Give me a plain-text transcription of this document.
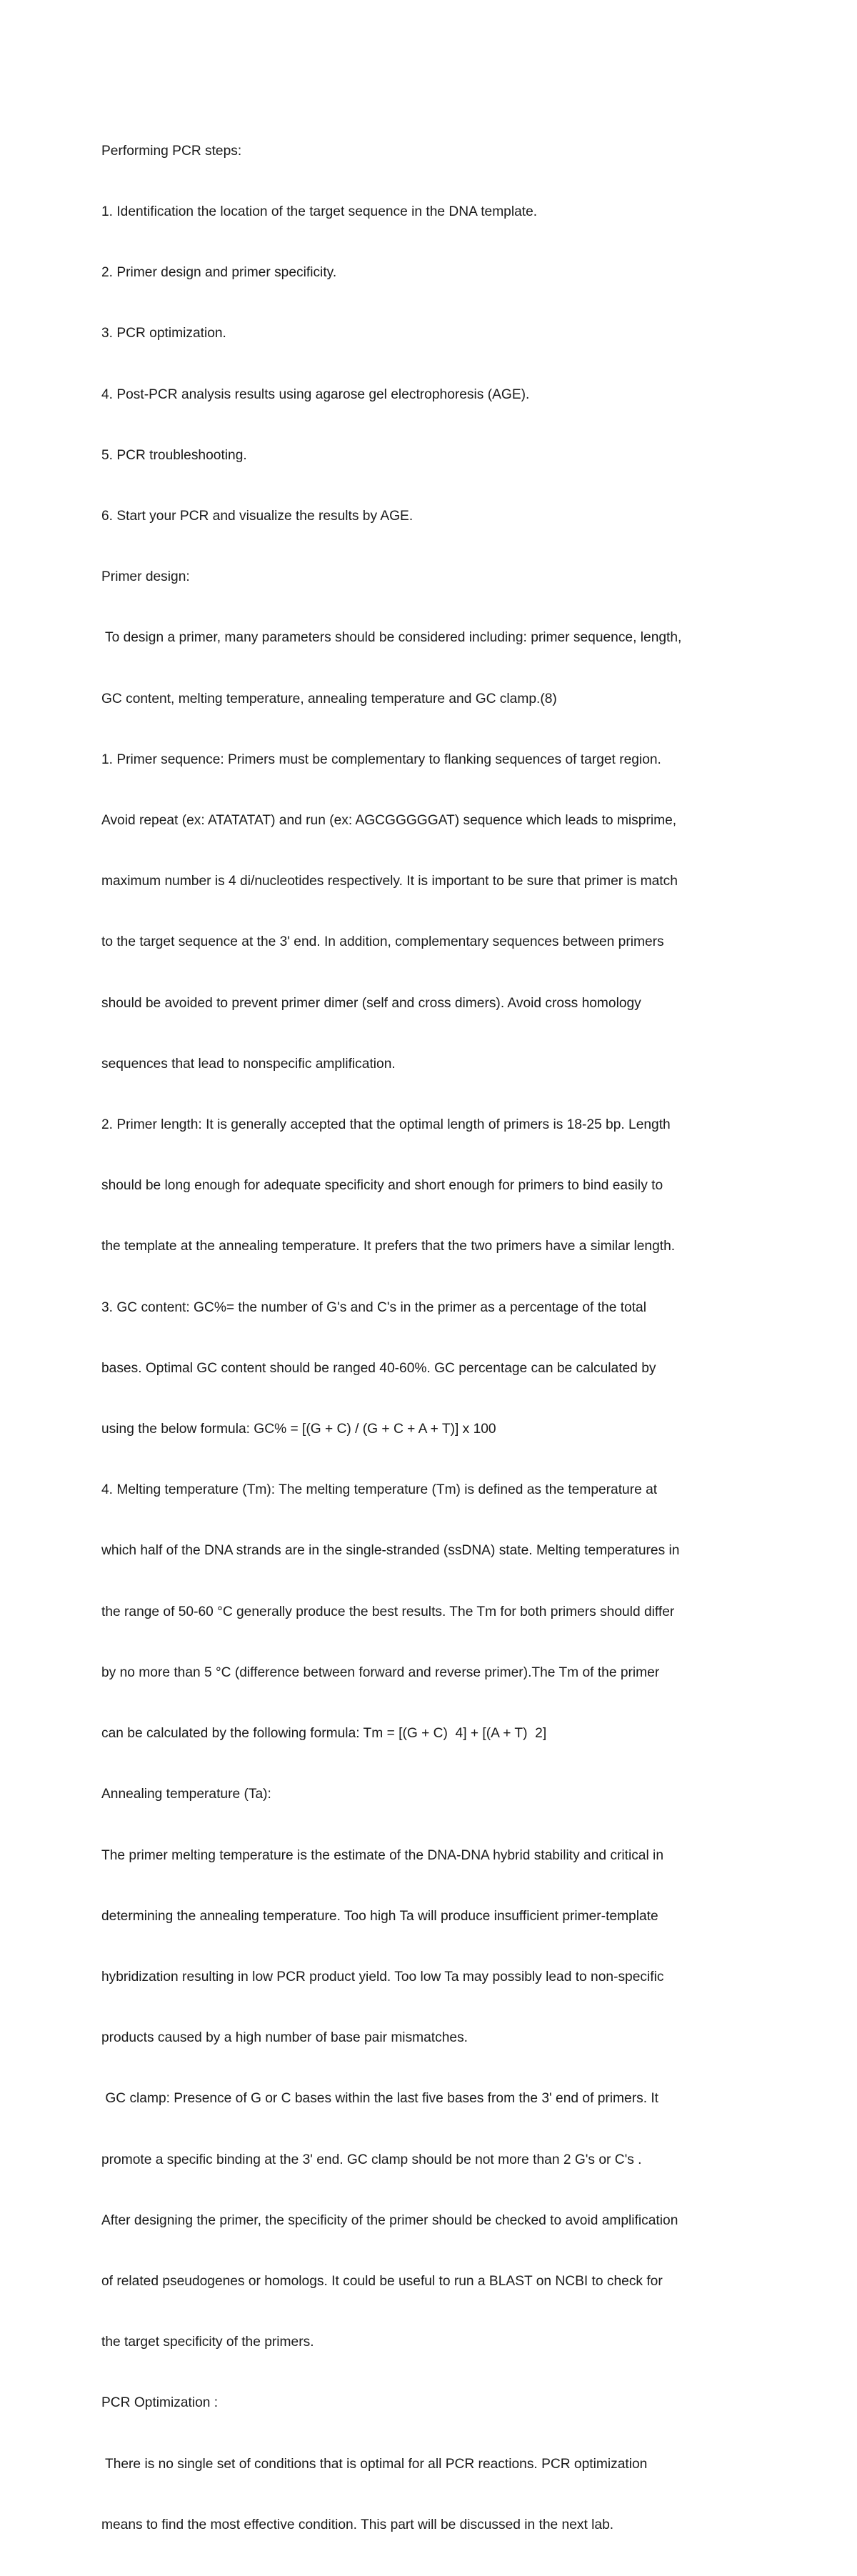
Performing PCR steps:

1. Identification the location of the target sequence in the DNA template.

2. Primer design and primer specificity.

3. PCR optimization.

4. Post-PCR analysis results using agarose gel electrophoresis (AGE).

5. PCR troubleshooting.

6. Start your PCR and visualize the results by AGE.

Primer design:

To design a primer, many parameters should be considered including: primer sequence, length,

GC content, melting temperature, annealing temperature and GC clamp.(8)

1. Primer sequence: Primers must be complementary to flanking sequences of target region.

Avoid repeat (ex: ATATATAT) and run (ex: AGCGGGGGAT) sequence which leads to misprime,

maximum number is 4 di/nucleotides respectively. It is important to be sure that primer is match

to the target sequence at the 3' end. In addition, complementary sequences between primers

should be avoided to prevent primer dimer (self and cross dimers). Avoid cross homology

sequences that lead to nonspecific amplification.

2. Primer length: It is generally accepted that the optimal length of primers is 18-25 bp. Length

should be long enough for adequate specificity and short enough for primers to bind easily to

the template at the annealing temperature. It prefers that the two primers have a similar length.

3. GC content: GC%= the number of G's and C's in the primer as a percentage of the total

bases. Optimal GC content should be ranged 40-60%. GC percentage can be calculated by

using the below formula: GC% = [(G + C) / (G + C + A + T)] x 100

4. Melting temperature (Tm): The melting temperature (Tm) is defined as the temperature at

which half of the DNA strands are in the single-stranded (ssDNA) state. Melting temperatures in

the range of 50-60 °C generally produce the best results. The Tm for both primers should differ

by no more than 5 °C (difference between forward and reverse primer).The Tm of the primer

can be calculated by the following formula: Tm = [(G + C)  4] + [(A + T)  2]

Annealing temperature (Ta):

The primer melting temperature is the estimate of the DNA-DNA hybrid stability and critical in

determining the annealing temperature. Too high Ta will produce insufficient primer-template

hybridization resulting in low PCR product yield. Too low Ta may possibly lead to non-specific

products caused by a high number of base pair mismatches.

GC clamp: Presence of G or C bases within the last five bases from the 3' end of primers. It

promote a specific binding at the 3' end. GC clamp should be not more than 2 G's or C's .

After designing the primer, the specificity of the primer should be checked to avoid amplification

of related pseudogenes or homologs. It could be useful to run a BLAST on NCBI to check for

the target specificity of the primers.

PCR Optimization :

There is no single set of conditions that is optimal for all PCR reactions. PCR optimization

means to find the most effective condition. This part will be discussed in the next lab.
